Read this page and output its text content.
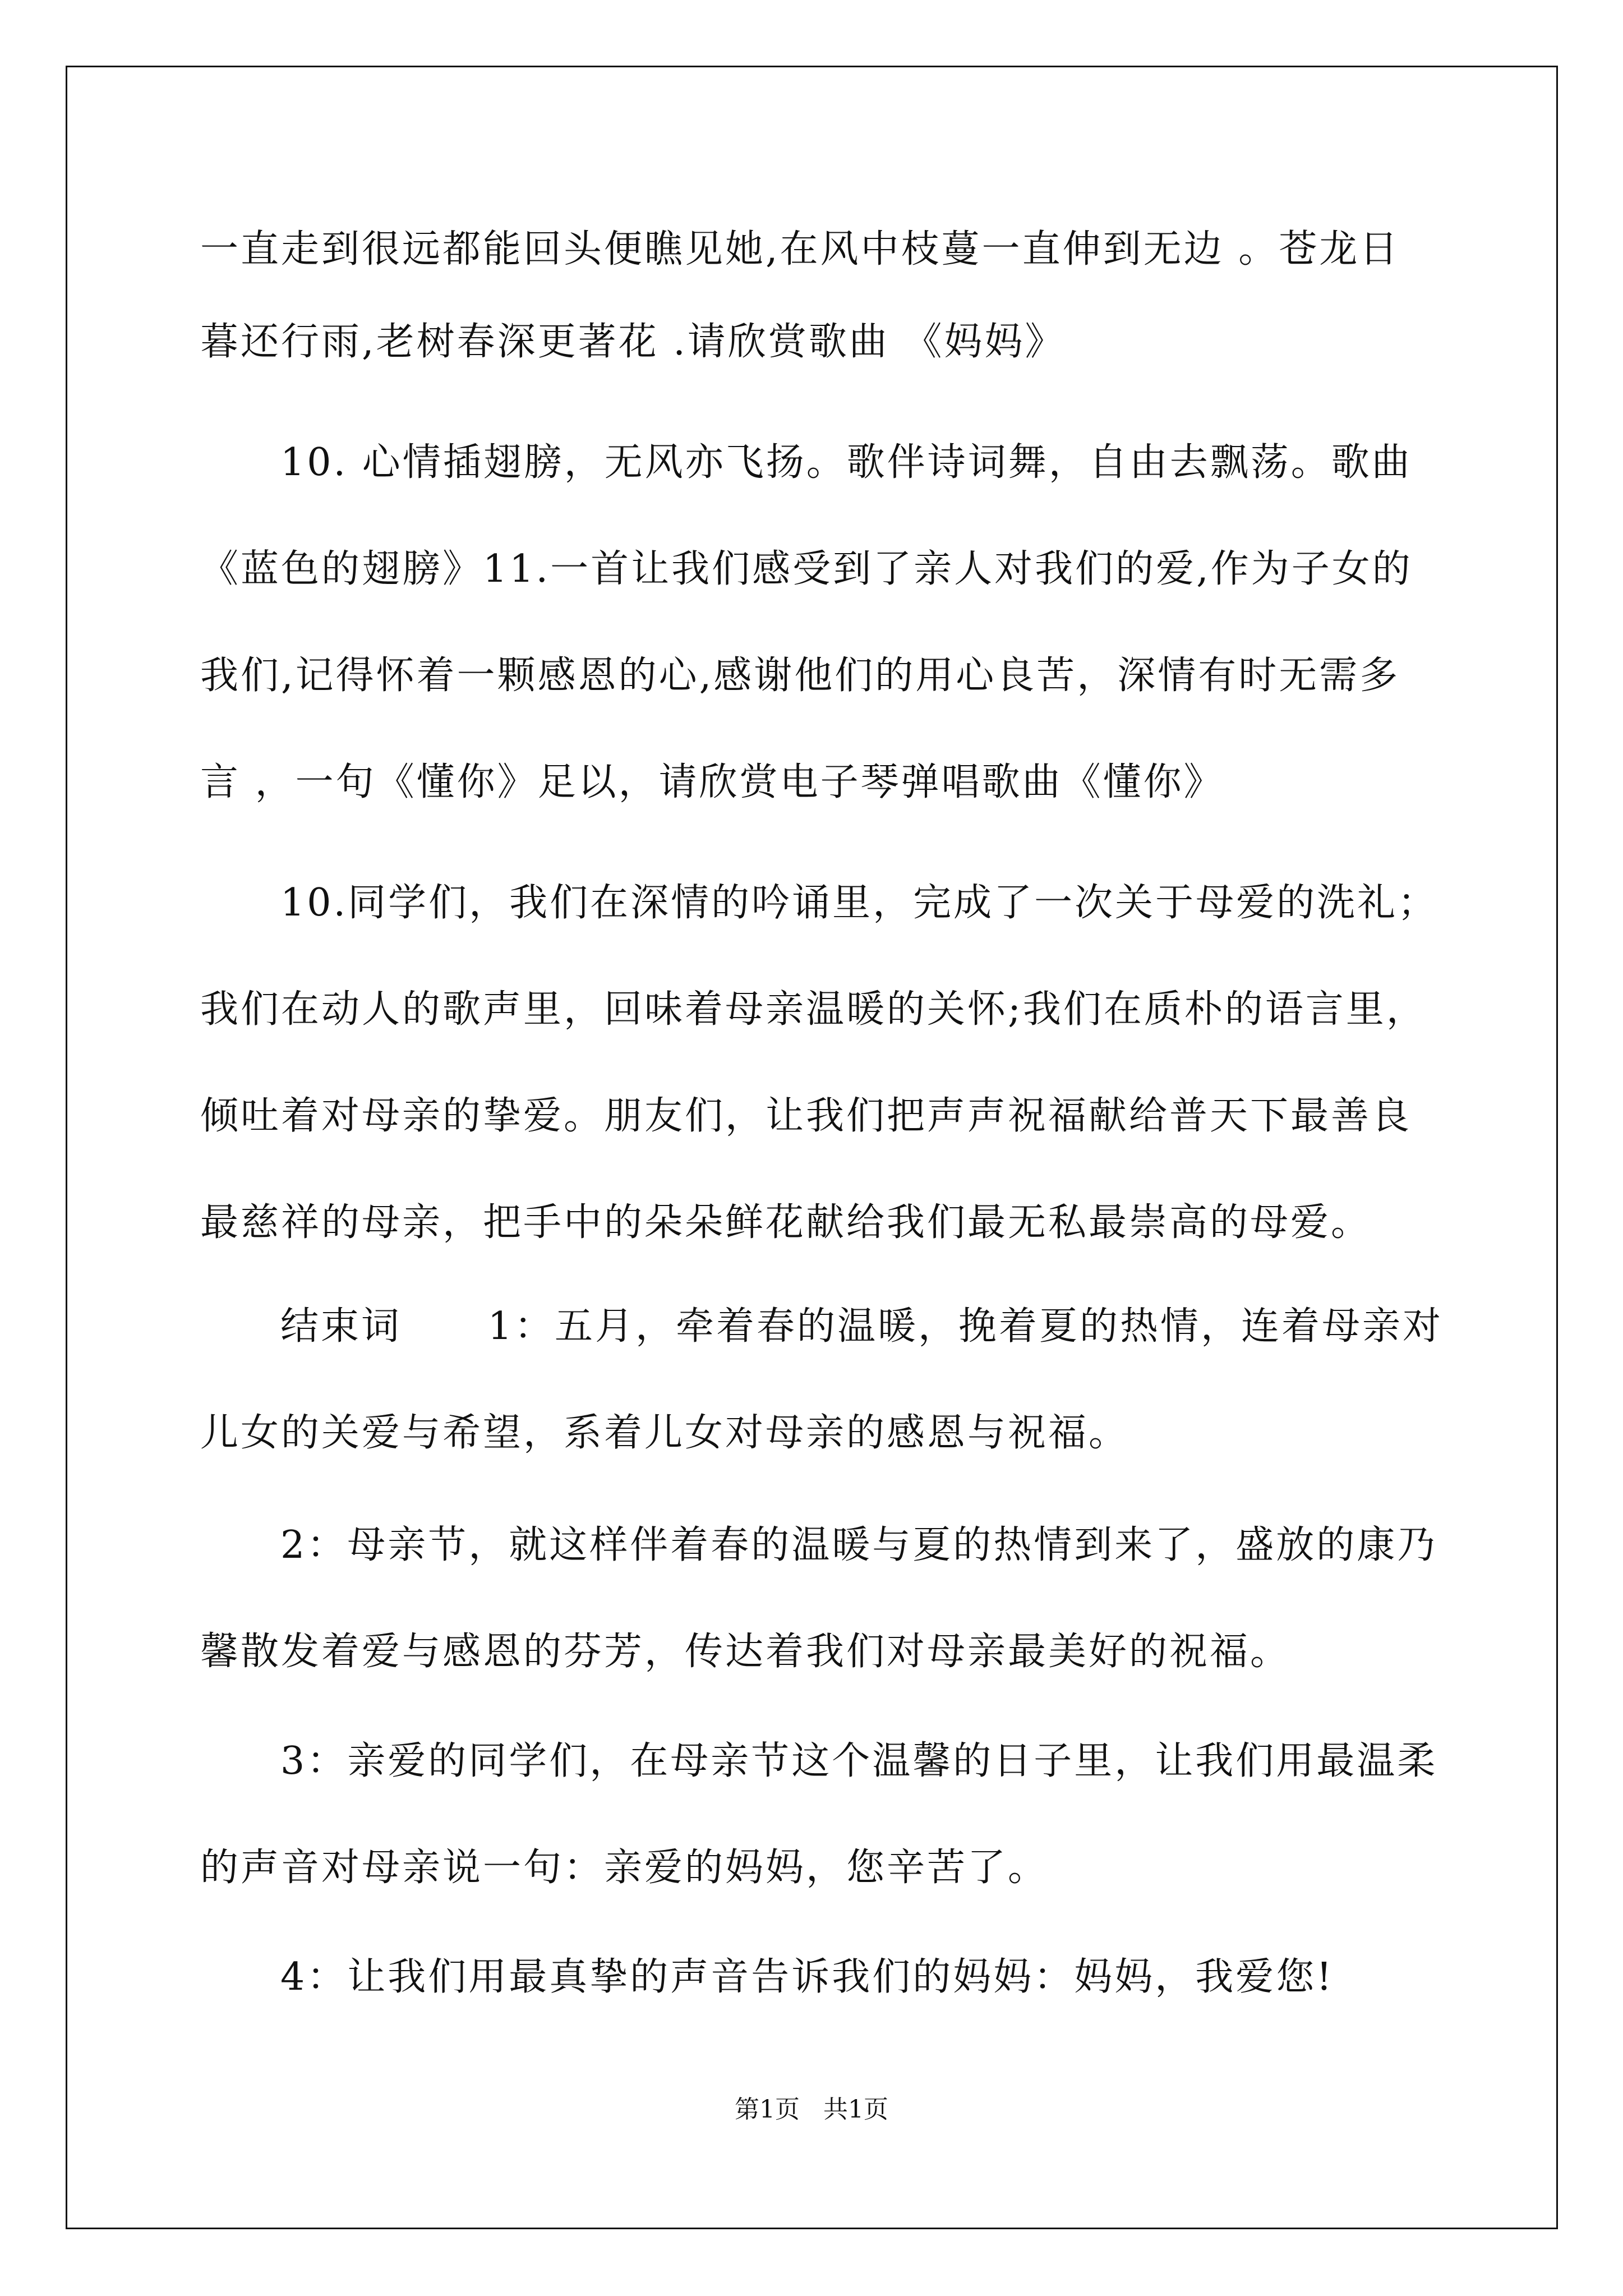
一直走到很远都能回头便瞧见她,在风中枝蔓一直伸到无边 。苍龙日
暮还行雨,老树春深更著花 .请欣赏歌曲 《妈妈》
10. 心情插翅膀，无风亦飞扬。歌伴诗词舞，自由去飘荡。歌曲
《蓝色的翅膀》11.一首让我们感受到了亲人对我们的爱,作为子女的
我们,记得怀着一颗感恩的心,感谢他们的用心良苦，深情有时无需多
言 ，一句《懂你》足以，请欣赏电子琴弹唱歌曲《懂你》
10.同学们，我们在深情的吟诵里，完成了一次关于母爱的洗礼；
我们在动人的歌声里，回味着母亲温暖的关怀;我们在质朴的语言里，
倾吐着对母亲的挚爱。朋友们，让我们把声声祝福献给普天下最善良
最慈祥的母亲，把手中的朵朵鲜花献给我们最无私最崇高的母爱。
结束词      1：五月，牵着春的温暖，挽着夏的热情，连着母亲对
儿女的关爱与希望，系着儿女对母亲的感恩与祝福。
2：母亲节，就这样伴着春的温暖与夏的热情到来了，盛放的康乃
馨散发着爱与感恩的芬芳，传达着我们对母亲最美好的祝福。
3：亲爱的同学们，在母亲节这个温馨的日子里，让我们用最温柔
的声音对母亲说一句：亲爱的妈妈，您辛苦了。
4：让我们用最真挚的声音告诉我们的妈妈：妈妈，我爱您!
第1页   共1页
